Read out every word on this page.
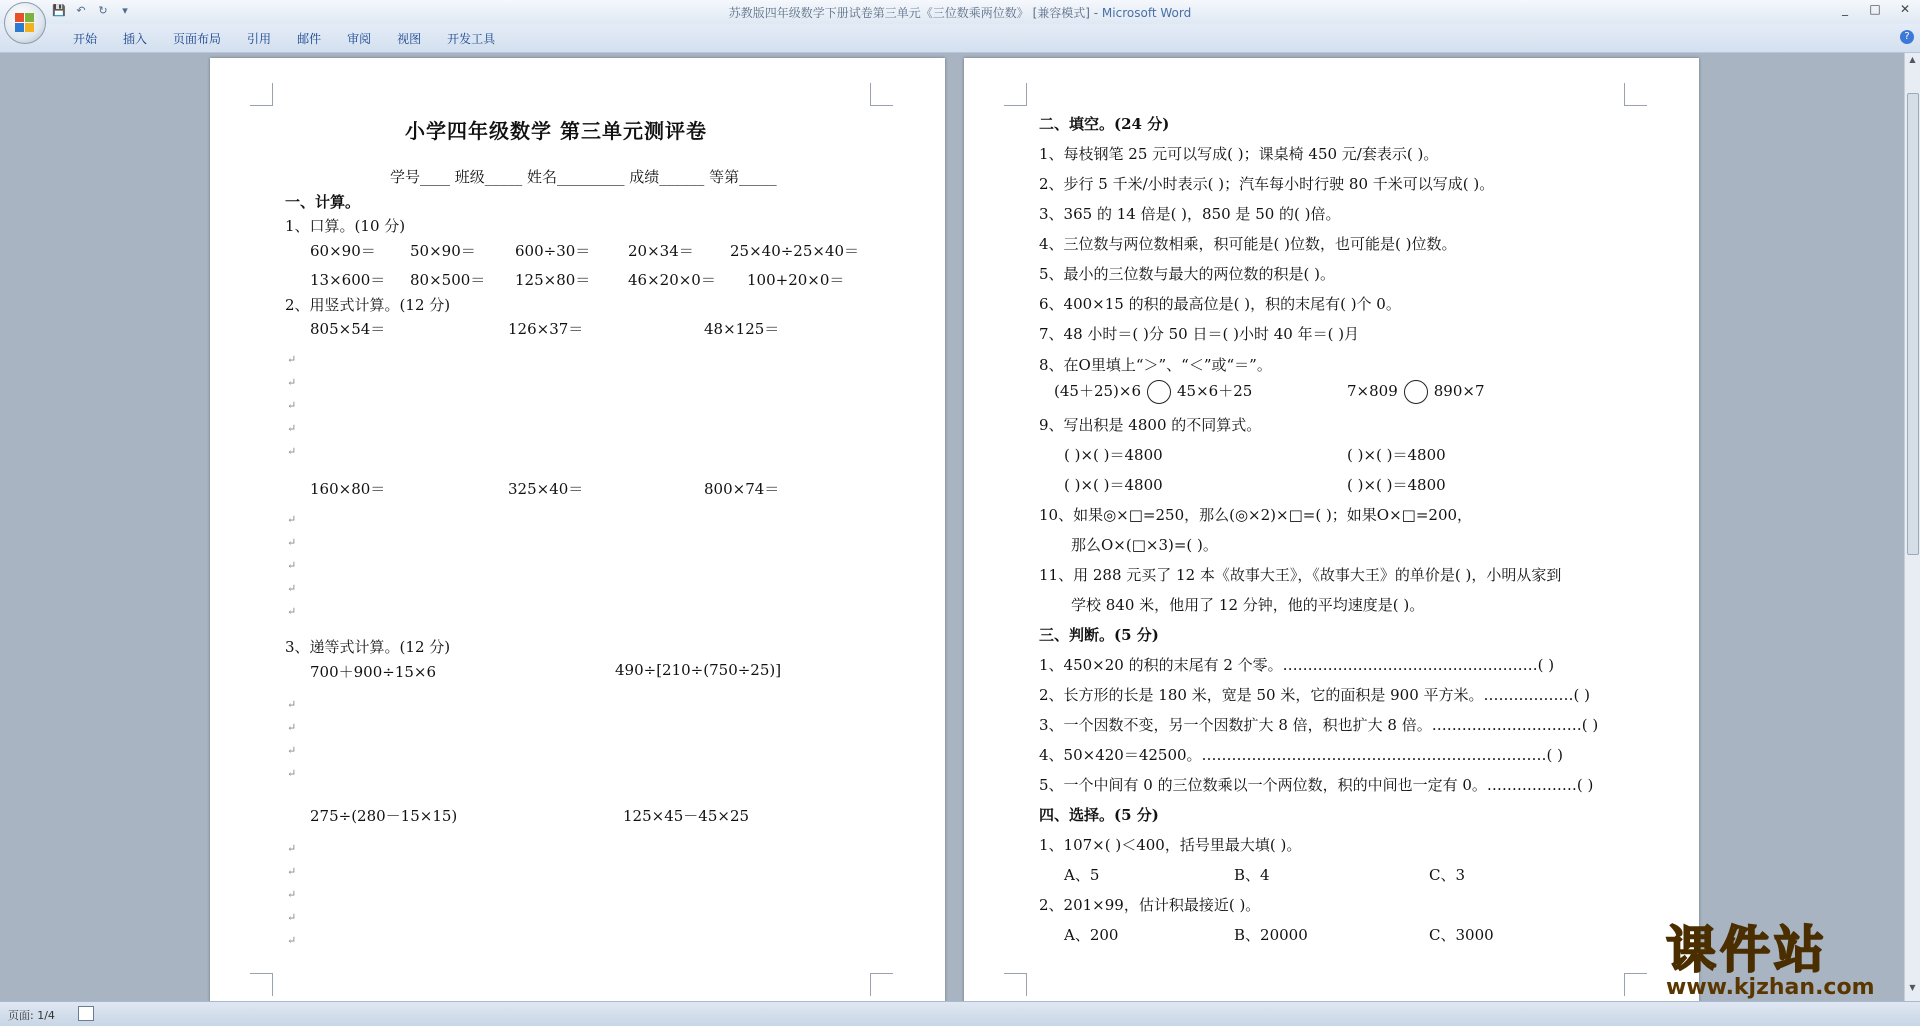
苏教版四年级数学下册试卷第三单元《三位数乘两位数》 [兼容模式] - Microsoft Word
💾 ↶ ↻	▾	_	□	✕
开始	插入	页面布局	引用	邮件	审阅	视图	开发工具	?
小学四年级数学 第三单元测评卷
学号____ 班级_____ 姓名_________ 成绩______ 等第_____
一、计算。
1、口算。(10 分)
60×90＝ 50×90＝	600÷30＝	20×34＝ 25×40÷25×40＝
13×600＝ 80×500＝ 125×80＝	46×20×0＝ 100+20×0＝
2、用竖式计算。(12 分)
805×54＝	126×37＝	48×125＝
160×80＝	325×40＝	800×74＝
3、递等式计算。(12 分)
700＋900÷15×6	490÷[210÷(750÷25)]
275÷(280－15×15)	125×45－45×25
↵
↵
↵
↵
↵
↵
↵
↵
↵
↵
↵
↵
↵
↵
↵
↵
↵
↵
↵
二、填空。(24 分)
1、每枝钢笔 25 元可以写成( )；课桌椅 450 元/套表示( )。
2、步行 5 千米/小时表示( )；汽车每小时行驶 80 千米可以写成( )。
3、365 的 14 倍是( )，850 是 50 的( )倍。
4、三位数与两位数相乘，积可能是( )位数，也可能是( )位数。
5、最小的三位数与最大的两位数的积是( )。
6、400×15 的积的最高位是( )，积的末尾有( )个 0。
7、48 小时＝( )分 50 日＝( )小时 40 年＝( )月
8、在O里填上“＞”、“＜”或“＝”。
(45＋25)×6 45×6＋25	7×809 890×7
9、写出积是 4800 的不同算式。
( )×( )＝4800	( )×( )＝4800
( )×( )＝4800	( )×( )＝4800
10、如果◎×□=250，那么(◎×2)×□=( )；如果O×□=200，
那么O×(□×3)=( )。
11、用 288 元买了 12 本《故事大王》，《故事大王》的单价是( )，小明从家到
学校 840 米，他用了 12 分钟，他的平均速度是( )。
三、判断。(5 分)
1、450×20 的积的末尾有 2 个零。……………………………………………( )
2、长方形的长是 180 米，宽是 50 米，它的面积是 900 平方米。………………( )
3、一个因数不变，另一个因数扩大 8 倍，积也扩大 8 倍。…………………………( )
4、50×420＝42500。……………………………………………………………( )
5、一个中间有 0 的三位数乘以一个两位数，积的中间也一定有 0。………………( )
四、选择。(5 分)
1、107×( )＜400，括号里最大填( )。
A、5	B、4	C、3
2、201×99，估计积最接近( )。
A、200	B、20000	C、3000
▲
▼
课件站
www.kjzhan.com
页面: 1/4
